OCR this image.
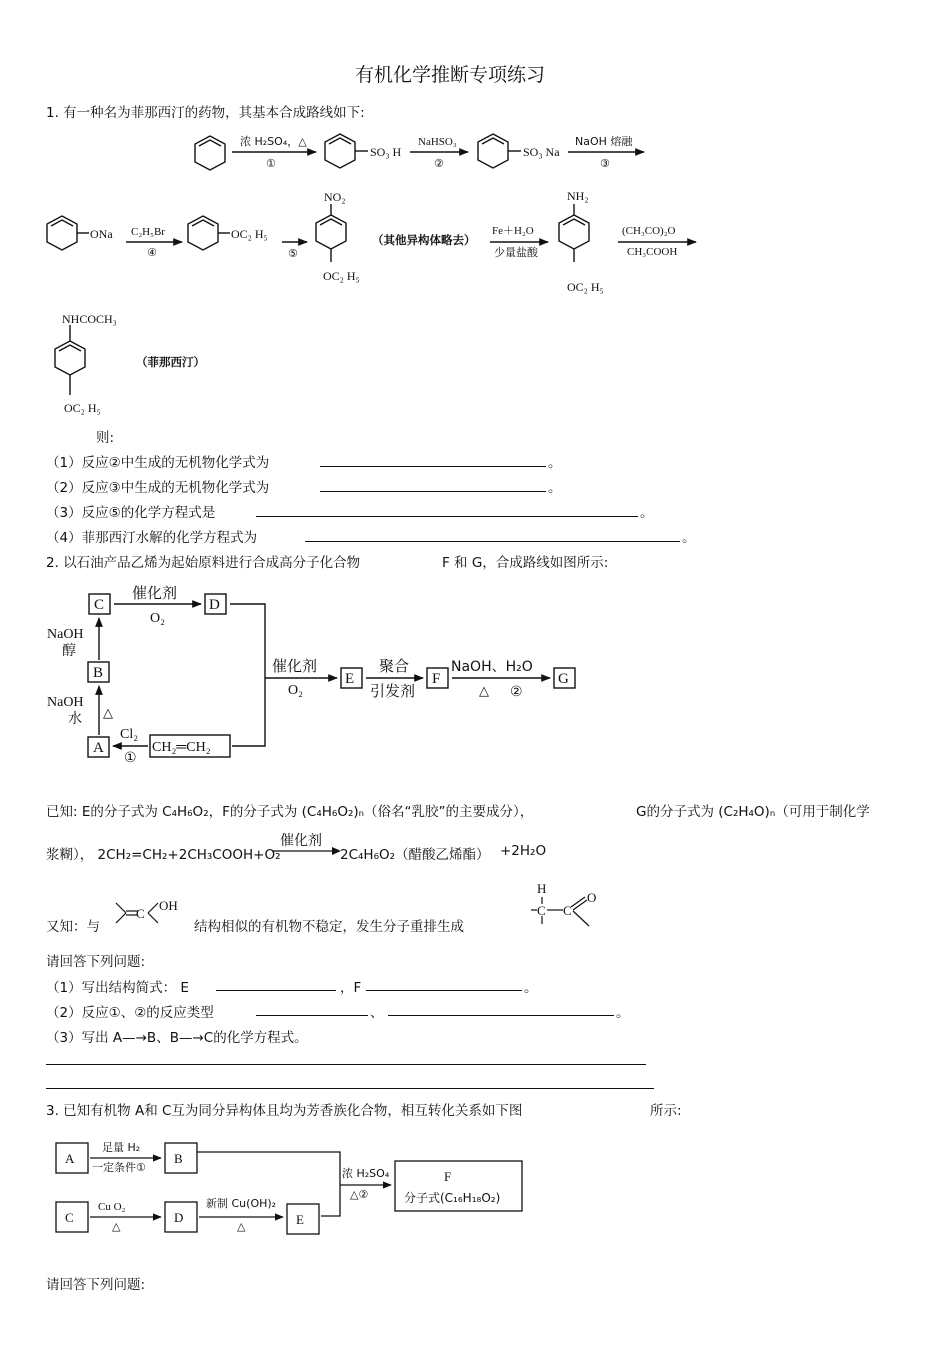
有机化学推断专项练习
1. 有一种名为菲那西汀的药物，其基本合成路线如下:
浓 H₂SO₄，△
①
SO₃ H
NaHSO₃
②
SO₃ Na
NaOH 熔融
③
ONa C₂H₅Br
④
OC₂ H₅
⑤
NO₂
OC₂ H₅
（其他异构体略去）
Fe＋H₂O
少量盐酸
NH₂
OC₂ H₅
(CH₃CO)₂O
CH₃COOH
NHCOCH₃
OC₂ H₅
（菲那西汀）
则:
（1）反应②中生成的无机物化学式为	。
（2）反应③中生成的无机物化学式为	。
（3）反应⑤的化学方程式是	。
（4）菲那西汀水解的化学方程式为	。
2. 以石油产品乙烯为起始原料进行合成高分子化合物	F 和 G，合成路线如图所示:
C	D
B
A
E	F	G
CH₂═CH₂
催化剂
O₂
NaOH
醇
NaOH
水 △
Cl₂
①
催化剂
O₂
聚合
引发剂
NaOH、H₂O
△ ②
已知: E的分子式为 C₄H₆O₂，F的分子式为 (C₄H₆O₂)ₙ（俗名“乳胶”的主要成分），	G的分子式为 (C₂H₄O)ₙ（可用于制化学
浆糊）， 2CH₂=CH₂+2CH₃COOH+O₂
催化剂
2C₄H₆O₂（醋酸乙烯酯） +2H₂O
又知：与
C
OH
结构相似的有机物不稳定，发生分子重排生成
H
O
C C
请回答下列问题:
（1）写出结构简式： E	，F	。
（2）反应①、②的反应类型	、	。
（3）写出 A—→B、B—→C的化学方程式。
3. 已知有机物 A和 C互为同分异构体且均为芳香族化合物，相互转化关系如下图	所示:
A	B
C	D	E
F
分子式(C₁₆H₁₈O₂)
足量 H₂
一定条件①
Cu O₂
△
新制 Cu(OH)₂
△
浓 H₂SO₄
△②
请回答下列问题:
